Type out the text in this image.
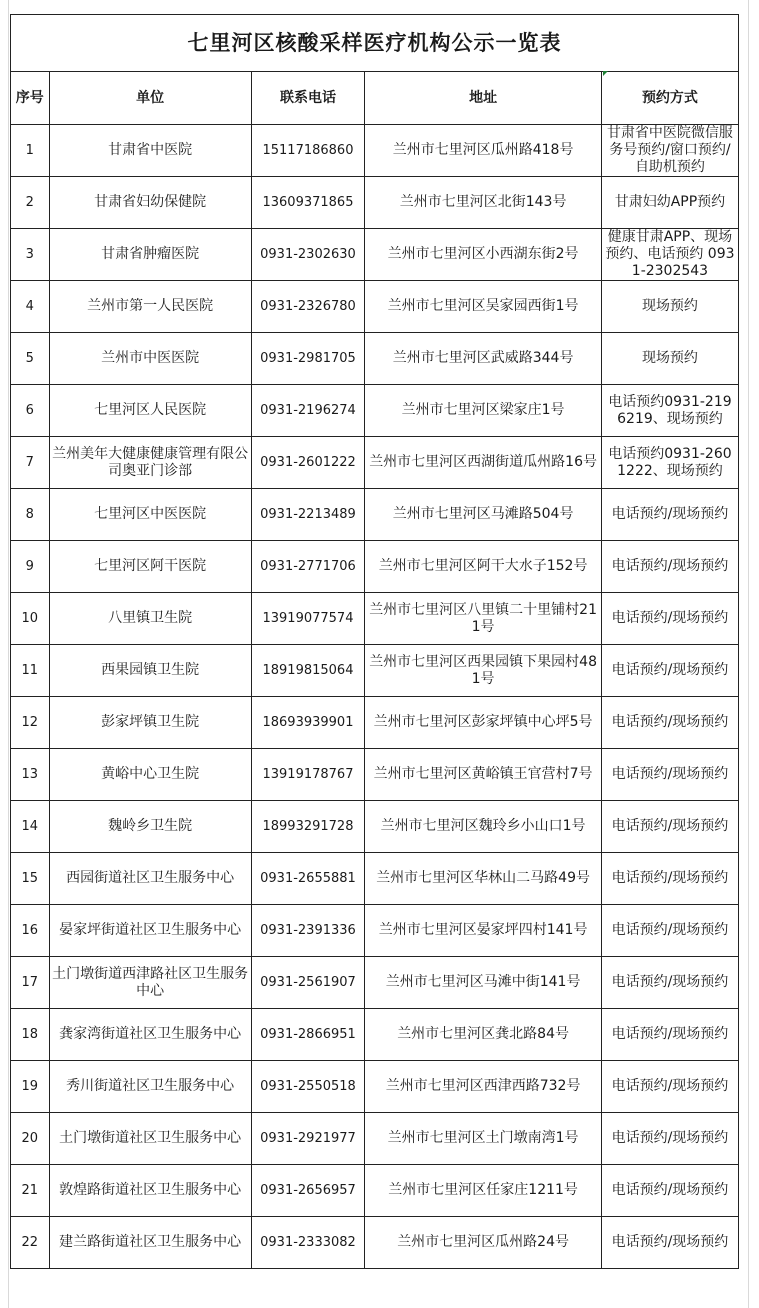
七里河区核酸采样医疗机构公示一览表				
序号	单位	联系电话	地址	预约方式
1	甘肃省中医院	15117186860	兰州市七里河区瓜州路418号	甘肃省中医院微信服务号预约/窗口预约/自助机预约
2	甘肃省妇幼保健院	13609371865	兰州市七里河区北街143号	甘肃妇幼APP预约
3	甘肃省肿瘤医院	0931-2302630	兰州市七里河区小西湖东街2号	健康甘肃APP、现场预约、电话预约 0931-2302543
4	兰州市第一人民医院	0931-2326780	兰州市七里河区吴家园西街1号	现场预约
5	兰州市中医医院	0931-2981705	兰州市七里河区武威路344号	现场预约
6	七里河区人民医院	0931-2196274	兰州市七里河区梁家庄1号	电话预约0931-2196219、现场预约
7	兰州美年大健康健康管理有限公司奥亚门诊部	0931-2601222	兰州市七里河区西湖街道瓜州路16号	电话预约0931-2601222、现场预约
8	七里河区中医医院	0931-2213489	兰州市七里河区马滩路504号	电话预约/现场预约
9	七里河区阿干医院	0931-2771706	兰州市七里河区阿干大水子152号	电话预约/现场预约
10	八里镇卫生院	13919077574	兰州市七里河区八里镇二十里铺村211号	电话预约/现场预约
11	西果园镇卫生院	18919815064	兰州市七里河区西果园镇下果园村481号	电话预约/现场预约
12	彭家坪镇卫生院	18693939901	兰州市七里河区彭家坪镇中心坪5号	电话预约/现场预约
13	黄峪中心卫生院	13919178767	兰州市七里河区黄峪镇王官营村7号	电话预约/现场预约
14	魏岭乡卫生院	18993291728	兰州市七里河区魏玲乡小山口1号	电话预约/现场预约
15	西园街道社区卫生服务中心	0931-2655881	兰州市七里河区华林山二马路49号	电话预约/现场预约
16	晏家坪街道社区卫生服务中心	0931-2391336	兰州市七里河区晏家坪四村141号	电话预约/现场预约
17	土门墩街道西津路社区卫生服务中心	0931-2561907	兰州市七里河区马滩中街141号	电话预约/现场预约
18	龚家湾街道社区卫生服务中心	0931-2866951	兰州市七里河区龚北路84号	电话预约/现场预约
19	秀川街道社区卫生服务中心	0931-2550518	兰州市七里河区西津西路732号	电话预约/现场预约
20	土门墩街道社区卫生服务中心	0931-2921977	兰州市七里河区土门墩南湾1号	电话预约/现场预约
21	敦煌路街道社区卫生服务中心	0931-2656957	兰州市七里河区任家庄1211号	电话预约/现场预约
22	建兰路街道社区卫生服务中心	0931-2333082	兰州市七里河区瓜州路24号	电话预约/现场预约
